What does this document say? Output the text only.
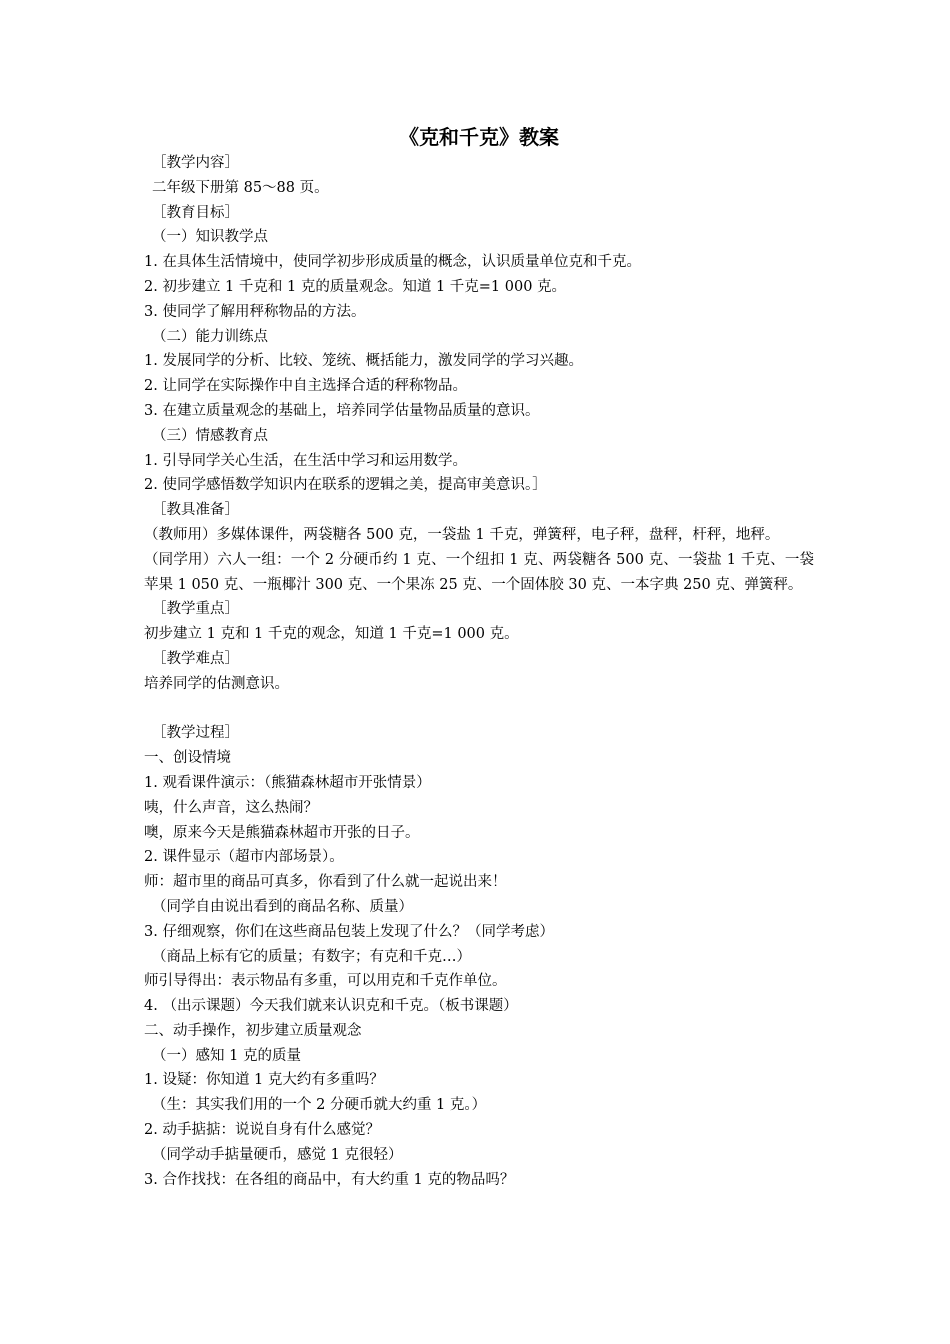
《克和千克》教案
［教学内容］
二年级下册第 85～88 页。
［教育目标］
（一）知识教学点
1. 在具体生活情境中，使同学初步形成质量的概念，认识质量单位克和千克。
2. 初步建立 1 千克和 1 克的质量观念。知道 1 千克=1 000 克。
3. 使同学了解用秤称物品的方法。
（二）能力训练点
1. 发展同学的分析、比较、笼统、概括能力，激发同学的学习兴趣。
2. 让同学在实际操作中自主选择合适的秤称物品。
3. 在建立质量观念的基础上，培养同学估量物品质量的意识。
（三）情感教育点
1. 引导同学关心生活，在生活中学习和运用数学。
2. 使同学感悟数学知识内在联系的逻辑之美，提高审美意识。］
［教具准备］
（教师用）多媒体课件，两袋糖各 500 克，一袋盐 1 千克，弹簧秤，电子秤，盘秤，杆秤，地秤。
（同学用）六人一组：一个 2 分硬币约 1 克、一个纽扣 1 克、两袋糖各 500 克、一袋盐 1 千克、一袋苹果 1 050 克、一瓶椰汁 300 克、一个果冻 25 克、一个固体胶 30 克、一本字典 250 克、弹簧秤。
［教学重点］
初步建立 1 克和 1 千克的观念，知道 1 千克=1 000 克。
［教学难点］
培养同学的估测意识。
［教学过程］
一、创设情境
1. 观看课件演示：（熊猫森林超市开张情景）
咦，什么声音，这么热闹？
噢，原来今天是熊猫森林超市开张的日子。
2. 课件显示（超市内部场景）。
师：超市里的商品可真多，你看到了什么就一起说出来！
（同学自由说出看到的商品名称、质量）
3. 仔细观察，你们在这些商品包装上发现了什么？（同学考虑）
（商品上标有它的质量；有数字；有克和千克…）
师引导得出：表示物品有多重，可以用克和千克作单位。
4. （出示课题）今天我们就来认识克和千克。（板书课题）
二、动手操作，初步建立质量观念
（一）感知 1 克的质量
1. 设疑：你知道 1 克大约有多重吗？
（生：其实我们用的一个 2 分硬币就大约重 1 克。）
2. 动手掂掂：说说自身有什么感觉？
（同学动手掂量硬币，感觉 1 克很轻）
3. 合作找找：在各组的商品中，有大约重 1 克的物品吗？
